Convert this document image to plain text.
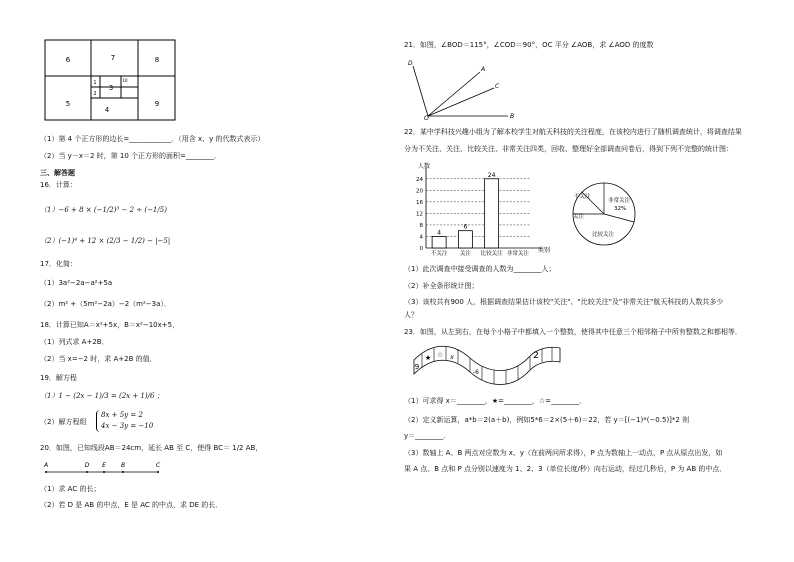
6	7	8
1
2
3
5
4
9
10
（1）第 4 个正方形的边长=____________．（用含 x、y 的代数式表示）
（2）当 y－x＝2 时，第 10 个正方形的面积=________．
三、解答题
16．计算：
（1）−6 + 8 × (−1/2)³ − 2 ÷ (−1/5)
（2）(−1)⁴ + 12 × (2/3 − 1/2) − |−5|
17．化简：
（1）3a²−2a−a²+5a
（2）m² +（5m²−2a）−2（m²−3a）．
18．计算已知A＝x²+5x，B＝x²−10x+5，
（1）列式求 A+2B．
（2）当 x=−2 时，求 A+2B 的值．
19．解方程
（1）1 − (2x − 1)/3 = (2x + 1)/6 ；
（2）解方程组
8x + 5y = 2
4x − 3y = −10
20．如图，已知线段AB＝24cm，延长 AB 至 C，使得 BC＝ 1/2 AB，
A	D E	B	C
（1）求 AC 的长；
（2）若 D 是 AB 的中点，E 是 AC 的中点，求 DE 的长．
21．如图，∠BOD＝115°，∠COD＝90°，OC 平分 ∠AOB，求 ∠AOD 的度数
D
A
C
B
O
22．某中学科技兴趣小组为了解本校学生对航天科技的关注程度，在该校内进行了随机调查统计，将调查结果
分为不关注、关注、比较关注、非常关注四类，回收、整理好全部调查问卷后，得到下列不完整的统计图：
人数
类别
0
4
8
12
16
20
24
4
不关注
6
关注
24
比较关注 非常关注
不关注
关注
非常关注
32%
比较关注
（1）此次调查中接受调查的人数为________人；
（2）补全条形统计图；
（3）该校共有900 人，根据调查结果估计该校"关注"、"比较关注"及"非常关注"航天科技的人数共多少
人？
23．如图，从左到右，在每个小格子中都填入一个整数，使得其中任意三个相邻格子中所有整数之和都相等．
9
★ ☆ x
-6
2
（1）可求得 x＝________，★=________，☆=________．
（2）定义新运算，a*b＝2(a＋b)，例如5*6＝2×(5＋6)＝22，若 y＝[(−1)*(−0.5)]*2 则
y＝________．
（3）数轴上 A、B 两点对应数为 x、y（在前两问所求得），P 点为数轴上一动点，P 点从原点出发，如
果 A 点、B 点和 P 点分别以速度为 1、2、3（单位长度/秒）向右运动，经过几秒后，P 为 AB 的中点．
